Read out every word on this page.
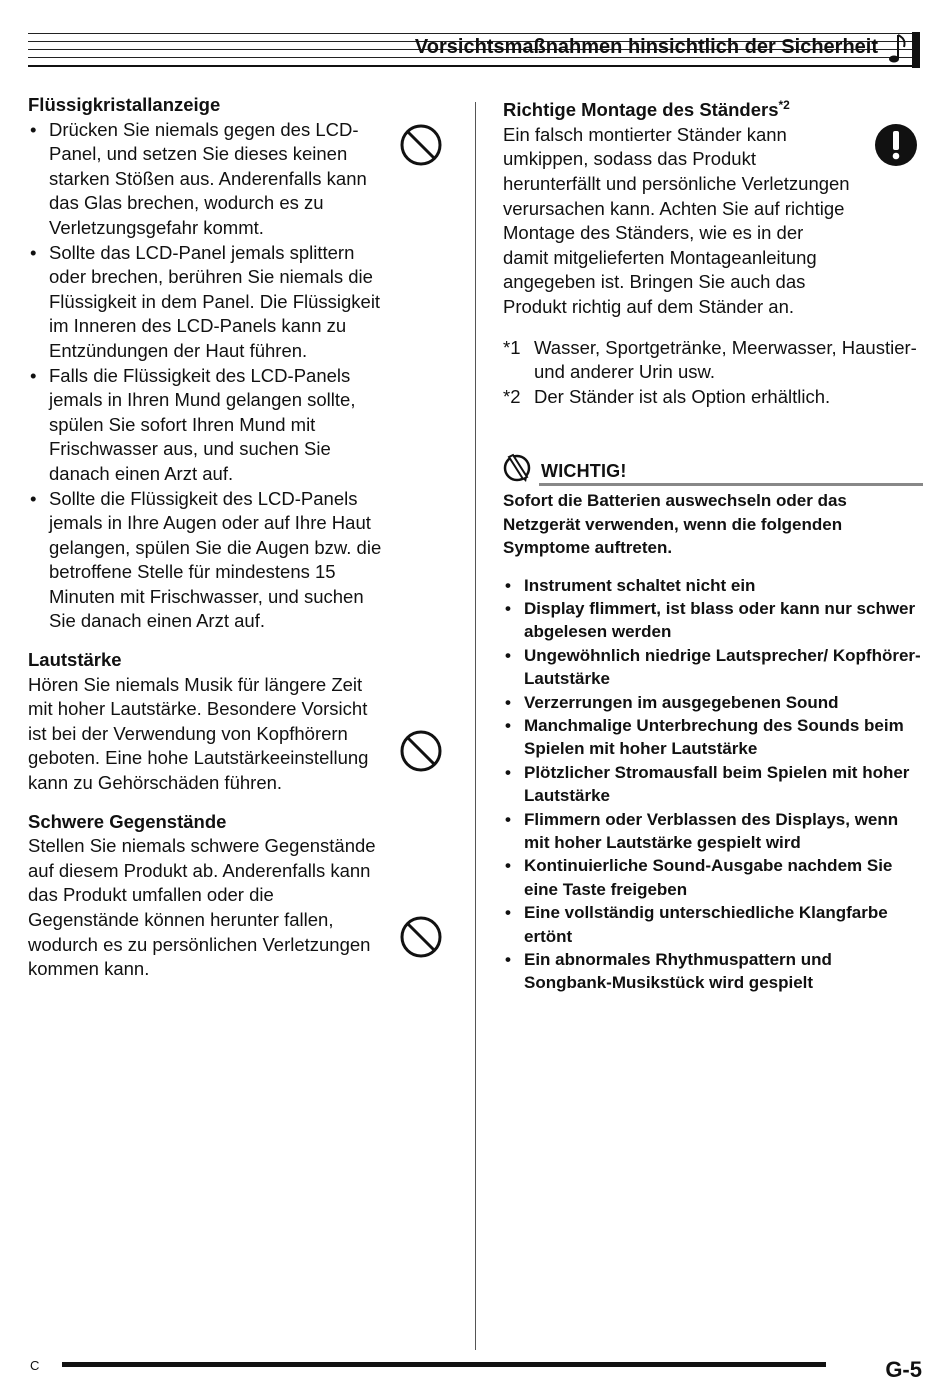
Vorsichtsmaßnahmen hinsichtlich der Sicherheit
Flüssigkristallanzeige
• Drücken Sie niemals gegen des LCD-Panel, und setzen Sie dieses keinen starken Stößen aus. Anderenfalls kann das Glas brechen, wodurch es zu Verletzungsgefahr kommt.
• Sollte das LCD-Panel jemals splittern oder brechen, berühren Sie niemals die Flüssigkeit in dem Panel. Die Flüssigkeit im Inneren des LCD-Panels kann zu Entzündungen der Haut führen.
• Falls die Flüssigkeit des LCD-Panels jemals in Ihren Mund gelangen sollte, spülen Sie sofort Ihren Mund mit Frischwasser aus, und suchen Sie danach einen Arzt auf.
• Sollte die Flüssigkeit des LCD-Panels jemals in Ihre Augen oder auf Ihre Haut gelangen, spülen Sie die Augen bzw. die betroffene Stelle für mindestens 15 Minuten mit Frischwasser, und suchen Sie danach einen Arzt auf.
Lautstärke

Hören Sie niemals Musik für längere Zeit mit hoher Lautstärke. Besondere Vorsicht ist bei der Verwendung von Kopfhörern geboten. Eine hohe Lautstärkeeinstellung kann zu Gehörschäden führen.

Schwere Gegenstände

Stellen Sie niemals schwere Gegenstände auf diesem Produkt ab. Anderenfalls kann das Produkt umfallen oder die Gegenstände können herunter fallen, wodurch es zu persönlichen Verletzungen kommen kann.

Richtige Montage des Ständers$^{*2}$

Ein falsch montierter Ständer kann umkippen, sodass das Produkt herunterfällt und persönliche Verletzungen verursachen kann. Achten Sie auf richtige Montage des Ständers, wie es in der damit mitgelieferten Montageanleitung angegeben ist. Bringen Sie auch das Produkt richtig auf dem Ständer an.

*1 Wasser, Sportgetränke, Meerwasser, Haustier- und anderer Urin usw.
*2 Der Ständer ist als Option erhältlich.
WICHTIG!

Sofort die Batterien auswechseln oder das Netzgerät verwenden, wenn die folgenden Symptome auftreten.

• Instrument schaltet nicht ein
• Display flimmert, ist blass oder kann nur schwer abgelesen werden
• Ungewöhnlich niedrige Lautsprecher/ Kopfhörer-Lautstärke
• Verzerrungen im ausgegebenen Sound
• Manchmalige Unterbrechung des Sounds beim Spielen mit hoher Lautstärke
• Plötzlicher Stromausfall beim Spielen mit hoher Lautstärke
• Flimmern oder Verblassen des Displays, wenn mit hoher Lautstärke gespielt wird
• Kontinuierliche Sound-Ausgabe nachdem Sie eine Taste freigeben
• Eine vollständig unterschiedliche Klangfarbe ertönt
• Ein abnormales Rhythmuspattern und Songbank-Musikstück wird gespielt
C	G-5
